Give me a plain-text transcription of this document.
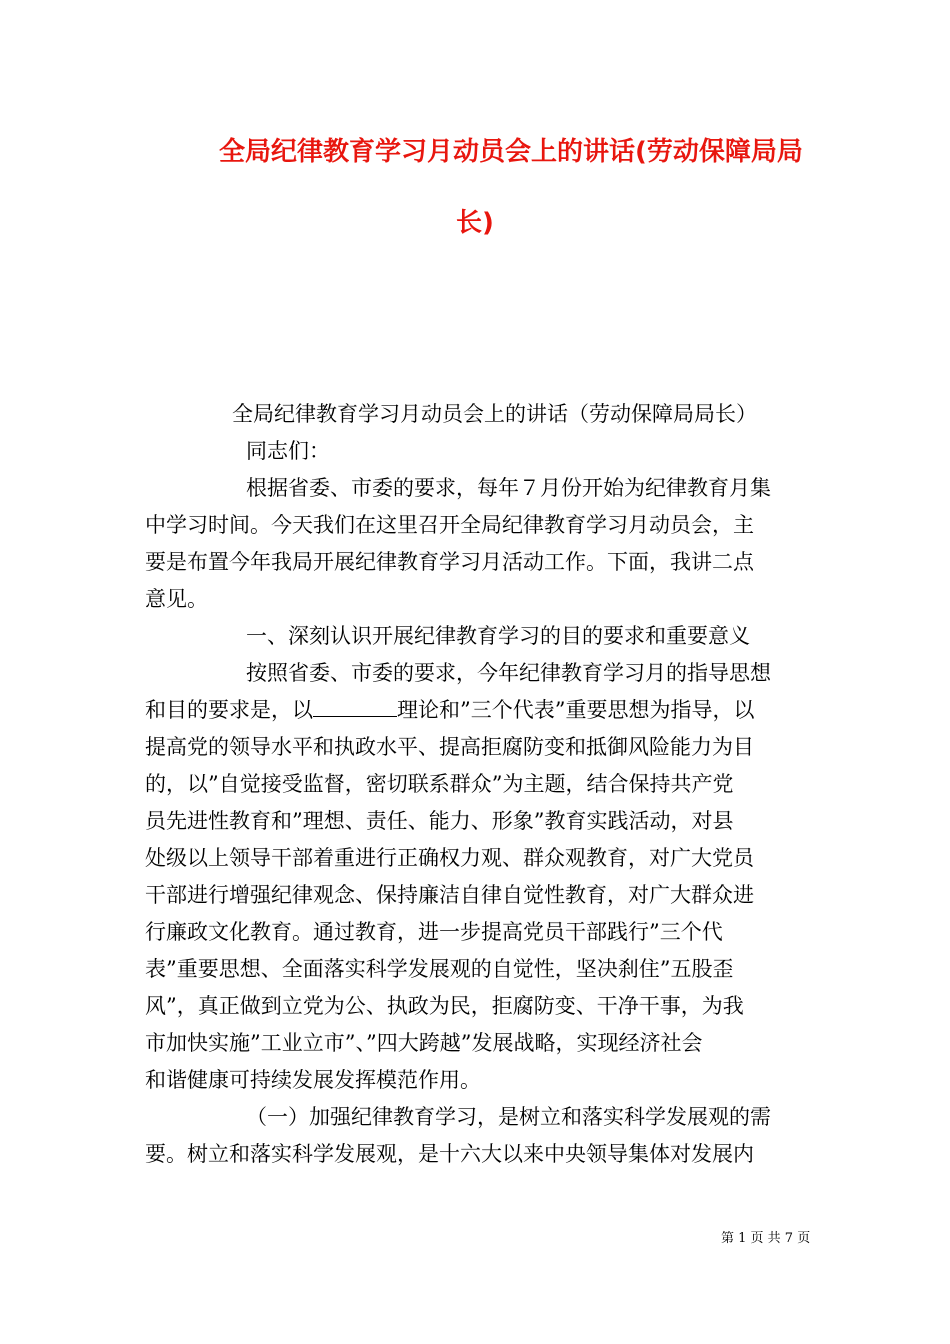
全局纪律教育学习月动员会上的讲话(劳动保障局局
长)
全局纪律教育学习月动员会上的讲话（劳动保障局局长）
同志们：
根据省委、市委的要求，每年７月份开始为纪律教育月集
中学习时间。今天我们在这里召开全局纪律教育学习月动员会，主
要是布置今年我局开展纪律教育学习月活动工作。下面，我讲二点
意见。
一、深刻认识开展纪律教育学习的目的要求和重要意义
按照省委、市委的要求，今年纪律教育学习月的指导思想
和目的要求是，以	理论和”三个代表”重要思想为指导，以
提高党的领导水平和执政水平、提高拒腐防变和抵御风险能力为目
的，以”自觉接受监督，密切联系群众”为主题，结合保持共产党
员先进性教育和”理想、责任、能力、形象”教育实践活动，对县
处级以上领导干部着重进行正确权力观、群众观教育，对广大党员
干部进行增强纪律观念、保持廉洁自律自觉性教育，对广大群众进
行廉政文化教育。通过教育，进一步提高党员干部践行”三个代
表”重要思想、全面落实科学发展观的自觉性，坚决刹住”五股歪
风”，真正做到立党为公、执政为民，拒腐防变、干净干事，为我
市加快实施”工业立市”、”四大跨越”发展战略，实现经济社会
和谐健康可持续发展发挥模范作用。
（一）加强纪律教育学习，是树立和落实科学发展观的需
要。树立和落实科学发展观，是十六大以来中央领导集体对发展内
第 1 页 共 7 页
